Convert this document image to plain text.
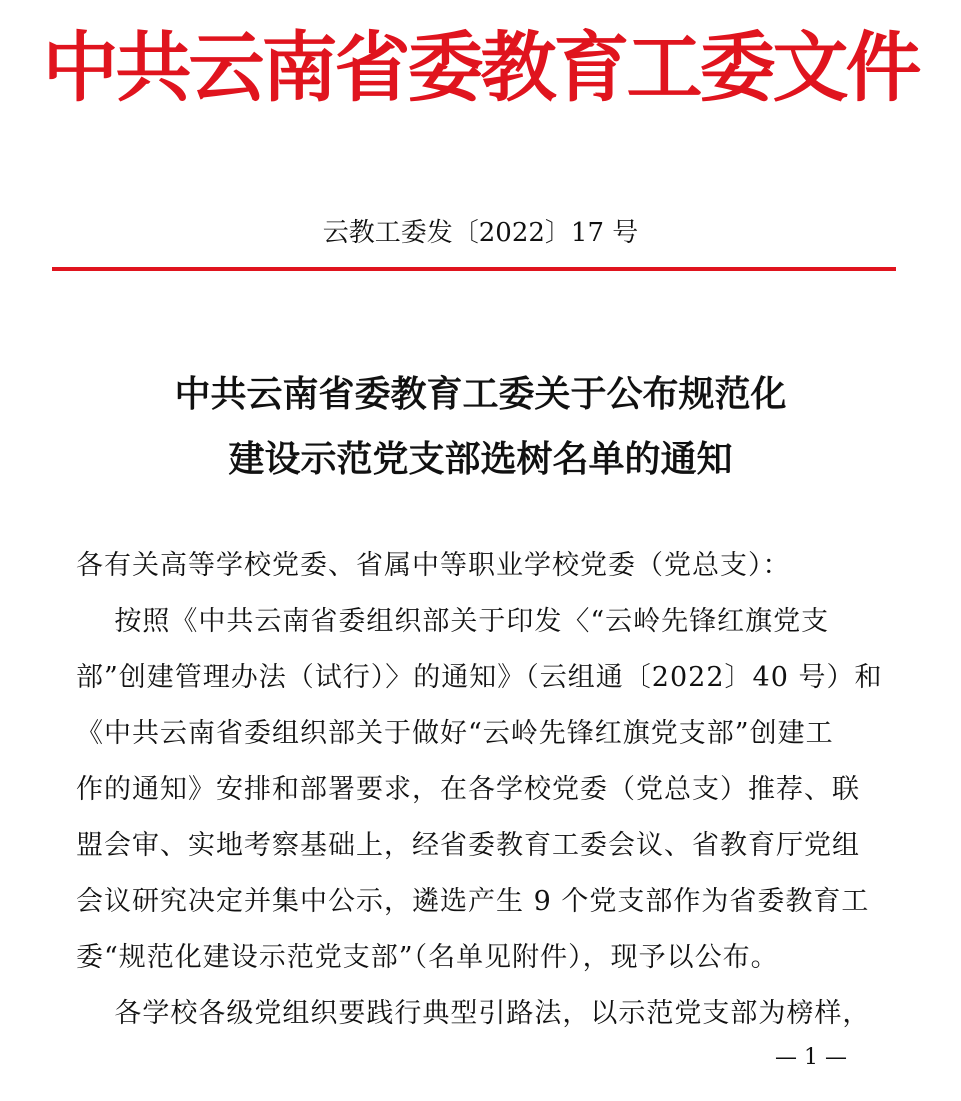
中共云南省委教育工委文件
云教工委发〔2022〕17 号
中共云南省委教育工委关于公布规范化
建设示范党支部选树名单的通知
各有关高等学校党委、省属中等职业学校党委（党总支）：
按照《中共云南省委组织部关于印发〈“云岭先锋红旗党支
部”创建管理办法（试行）〉的通知》（云组通〔2022〕40 号）和
《中共云南省委组织部关于做好“云岭先锋红旗党支部”创建工
作的通知》安排和部署要求，在各学校党委（党总支）推荐、联
盟会审、实地考察基础上，经省委教育工委会议、省教育厅党组
会议研究决定并集中公示，遴选产生 9 个党支部作为省委教育工
委“规范化建设示范党支部”（名单见附件），现予以公布。
各学校各级党组织要践行典型引路法，以示范党支部为榜样，
— 1 —
